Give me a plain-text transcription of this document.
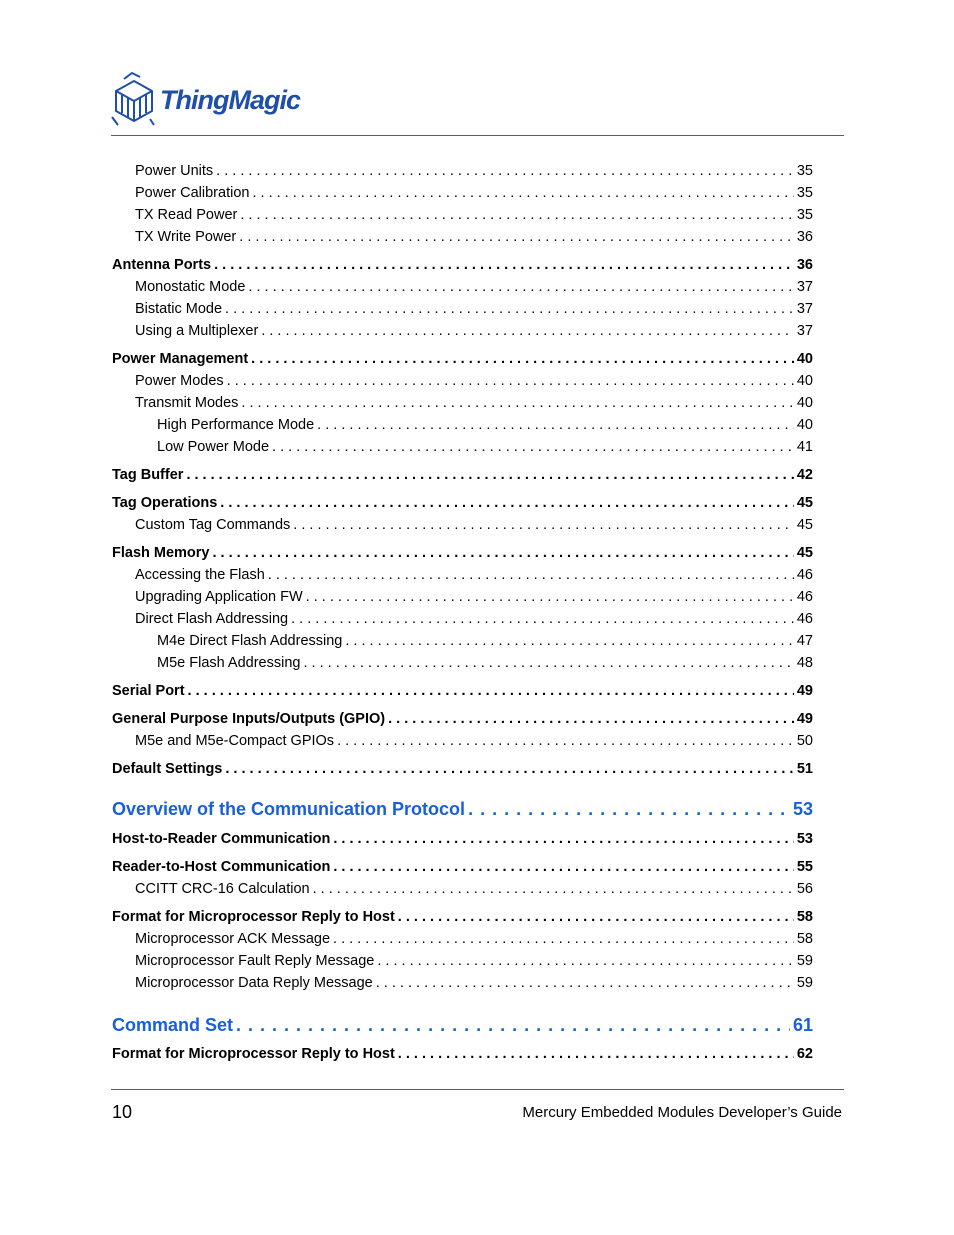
ThingMagic
Power Units . . .	35
Power Calibration . . .	35
TX Read Power . . .	35
TX Write Power . . .	36
Antenna Ports . . .	36
Monostatic Mode . . .	37
Bistatic Mode . . .	37
Using a Multiplexer . . .	37
Power Management . . .	40
Power Modes . . .	40
Transmit Modes . . .	40
High Performance Mode . . .	40
Low Power Mode . . .	41
Tag Buffer . . .	42
Tag Operations . . .	45
Custom Tag Commands . . .	45
Flash Memory . . .	45
Accessing the Flash . . .	46
Upgrading Application FW . . .	46
Direct Flash Addressing . . .	46
M4e Direct Flash Addressing . . .	47
M5e Flash Addressing . . .	48
Serial Port . . .	49
General Purpose Inputs/Outputs (GPIO) . . .	49
M5e and M5e-Compact GPIOs . . .	50
Default Settings . . .	51
Overview of the Communication Protocol . . .	53
Host-to-Reader Communication . . .	53
Reader-to-Host Communication . . .	55
CCITT CRC-16 Calculation . . .	56
Format for Microprocessor Reply to Host . . .	58
Microprocessor ACK Message . . .	58
Microprocessor Fault Reply Message . . .	59
Microprocessor Data Reply Message . . .	59
Command Set . . .	61
Format for Microprocessor Reply to Host . . .	62
10	Mercury Embedded Modules Developer’s Guide
